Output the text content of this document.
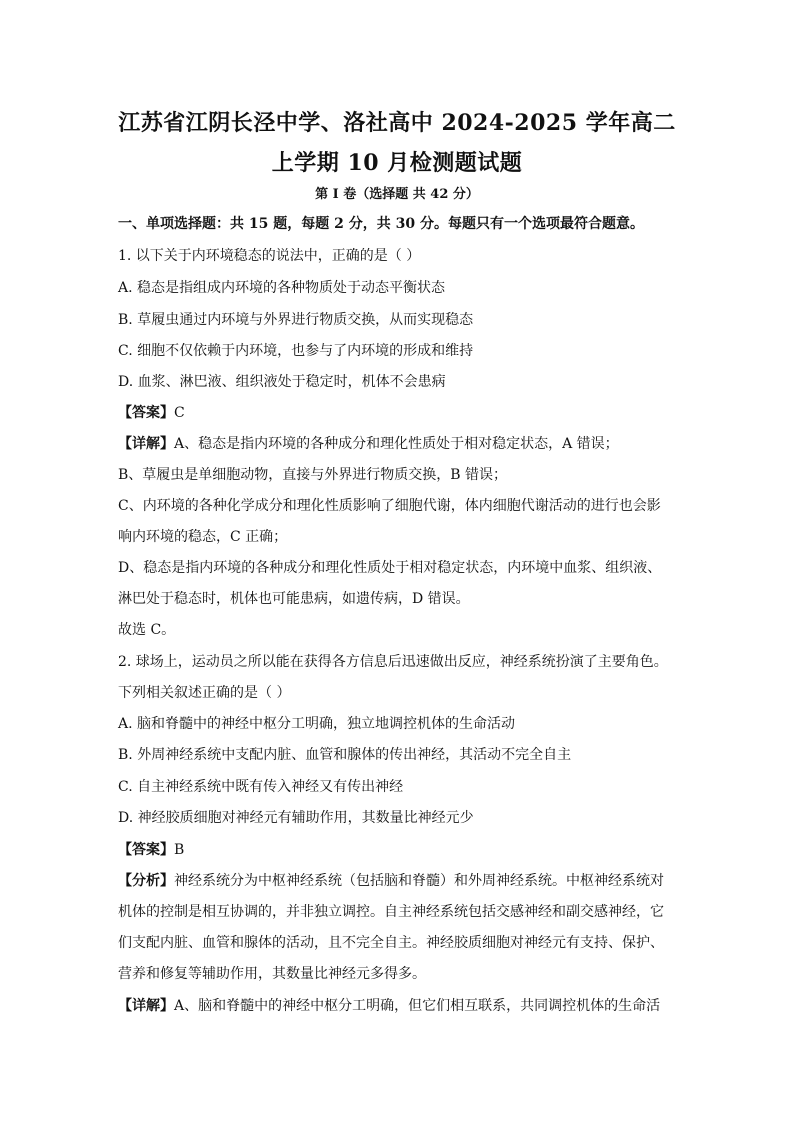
江苏省江阴长泾中学、洛社高中 2024-2025 学年高二
上学期 10 月检测题试题
第 I 卷（选择题 共 42 分）
一、单项选择题：共 15 题，每题 2 分，共 30 分。每题只有一个选项最符合题意。
1. 以下关于内环境稳态的说法中，正确的是（ ）
A. 稳态是指组成内环境的各种物质处于动态平衡状态
B. 草履虫通过内环境与外界进行物质交换，从而实现稳态
C. 细胞不仅依赖于内环境，也参与了内环境的形成和维持
D. 血浆、淋巴液、组织液处于稳定时，机体不会患病
【答案】C
【详解】A、稳态是指内环境的各种成分和理化性质处于相对稳定状态，A 错误；
B、草履虫是单细胞动物，直接与外界进行物质交换，B 错误；
C、内环境的各种化学成分和理化性质影响了细胞代谢，体内细胞代谢活动的进行也会影
响内环境的稳态，C 正确；
D、稳态是指内环境的各种成分和理化性质处于相对稳定状态，内环境中血浆、组织液、
淋巴处于稳态时，机体也可能患病，如遗传病，D 错误。
故选 C。
2. 球场上，运动员之所以能在获得各方信息后迅速做出反应，神经系统扮演了主要角色。
下列相关叙述正确的是（ ）
A. 脑和脊髓中的神经中枢分工明确，独立地调控机体的生命活动
B. 外周神经系统中支配内脏、血管和腺体的传出神经，其活动不完全自主
C. 自主神经系统中既有传入神经又有传出神经
D. 神经胶质细胞对神经元有辅助作用，其数量比神经元少
【答案】B
【分析】神经系统分为中枢神经系统（包括脑和脊髓）和外周神经系统。中枢神经系统对
机体的控制是相互协调的，并非独立调控。自主神经系统包括交感神经和副交感神经，它
们支配内脏、血管和腺体的活动，且不完全自主。神经胶质细胞对神经元有支持、保护、
营养和修复等辅助作用，其数量比神经元多得多。
【详解】A、脑和脊髓中的神经中枢分工明确，但它们相互联系，共同调控机体的生命活
